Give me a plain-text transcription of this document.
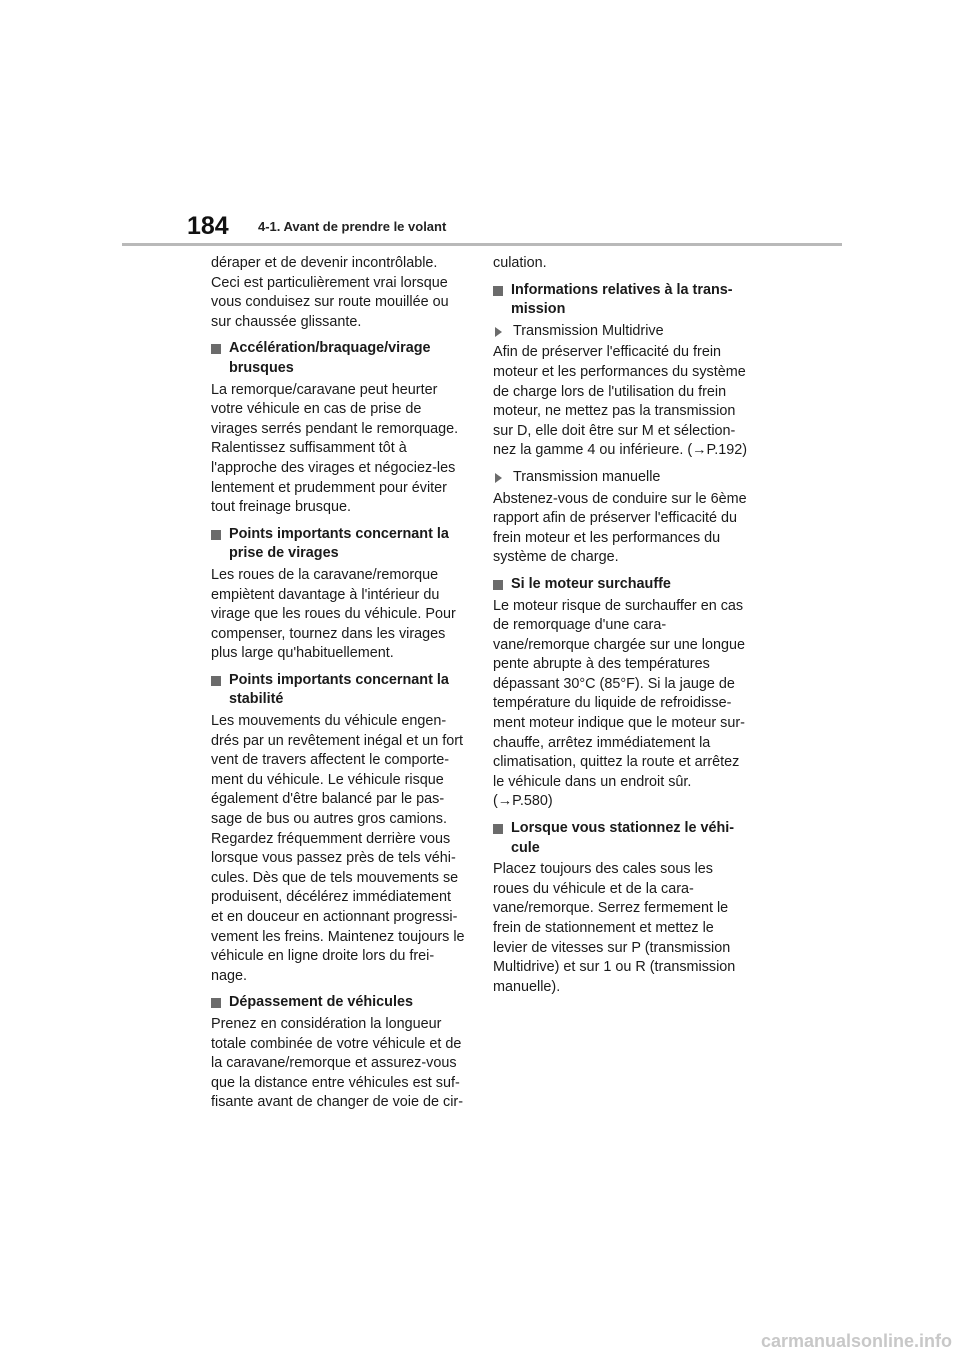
184 4-1. Avant de prendre le volant

déraper et de devenir incontrôlable.
Ceci est particulièrement vrai lorsque
vous conduisez sur route mouillée ou
sur chaussée glissante.

Accélération/braquage/virage
brusques

La remorque/caravane peut heurter
votre véhicule en cas de prise de
virages serrés pendant le remorquage.
Ralentissez suffisamment tôt à
l'approche des virages et négociez-les
lentement et prudemment pour éviter
tout freinage brusque.

Points importants concernant la
prise de virages

Les roues de la caravane/remorque
empiètent davantage à l'intérieur du
virage que les roues du véhicule. Pour
compenser, tournez dans les virages
plus large qu'habituellement.

Points importants concernant la
stabilité

Les mouvements du véhicule engen-
drés par un revêtement inégal et un fort
vent de travers affectent le comporte-
ment du véhicule. Le véhicule risque
également d'être balancé par le pas-
sage de bus ou autres gros camions.
Regardez fréquemment derrière vous
lorsque vous passez près de tels véhi-
cules. Dès que de tels mouvements se
produisent, décélérez immédiatement
et en douceur en actionnant progressi-
vement les freins. Maintenez toujours le
véhicule en ligne droite lors du frei-
nage.

Dépassement de véhicules

Prenez en considération la longueur
totale combinée de votre véhicule et de
la caravane/remorque et assurez-vous
que la distance entre véhicules est suf-
fisante avant de changer de voie de cir-

culation.

Informations relatives à la trans-
mission
Transmission Multidrive

Afin de préserver l'efficacité du frein
moteur et les performances du système
de charge lors de l'utilisation du frein
moteur, ne mettez pas la transmission
sur D, elle doit être sur M et sélection-
nez la gamme 4 ou inférieure. (→P.192)

Transmission manuelle

Abstenez-vous de conduire sur le 6ème
rapport afin de préserver l'efficacité du
frein moteur et les performances du
système de charge.

Si le moteur surchauffe

Le moteur risque de surchauffer en cas
de remorquage d'une cara-
vane/remorque chargée sur une longue
pente abrupte à des températures
dépassant 30°C (85°F). Si la jauge de
température du liquide de refroidisse-
ment moteur indique que le moteur sur-
chauffe, arrêtez immédiatement la
climatisation, quittez la route et arrêtez
le véhicule dans un endroit sûr.
(→P.580)

Lorsque vous stationnez le véhi-
cule

Placez toujours des cales sous les
roues du véhicule et de la cara-
vane/remorque. Serrez fermement le
frein de stationnement et mettez le
levier de vitesses sur P (transmission
Multidrive) et sur 1 ou R (transmission
manuelle).

carmanualsonline.info
